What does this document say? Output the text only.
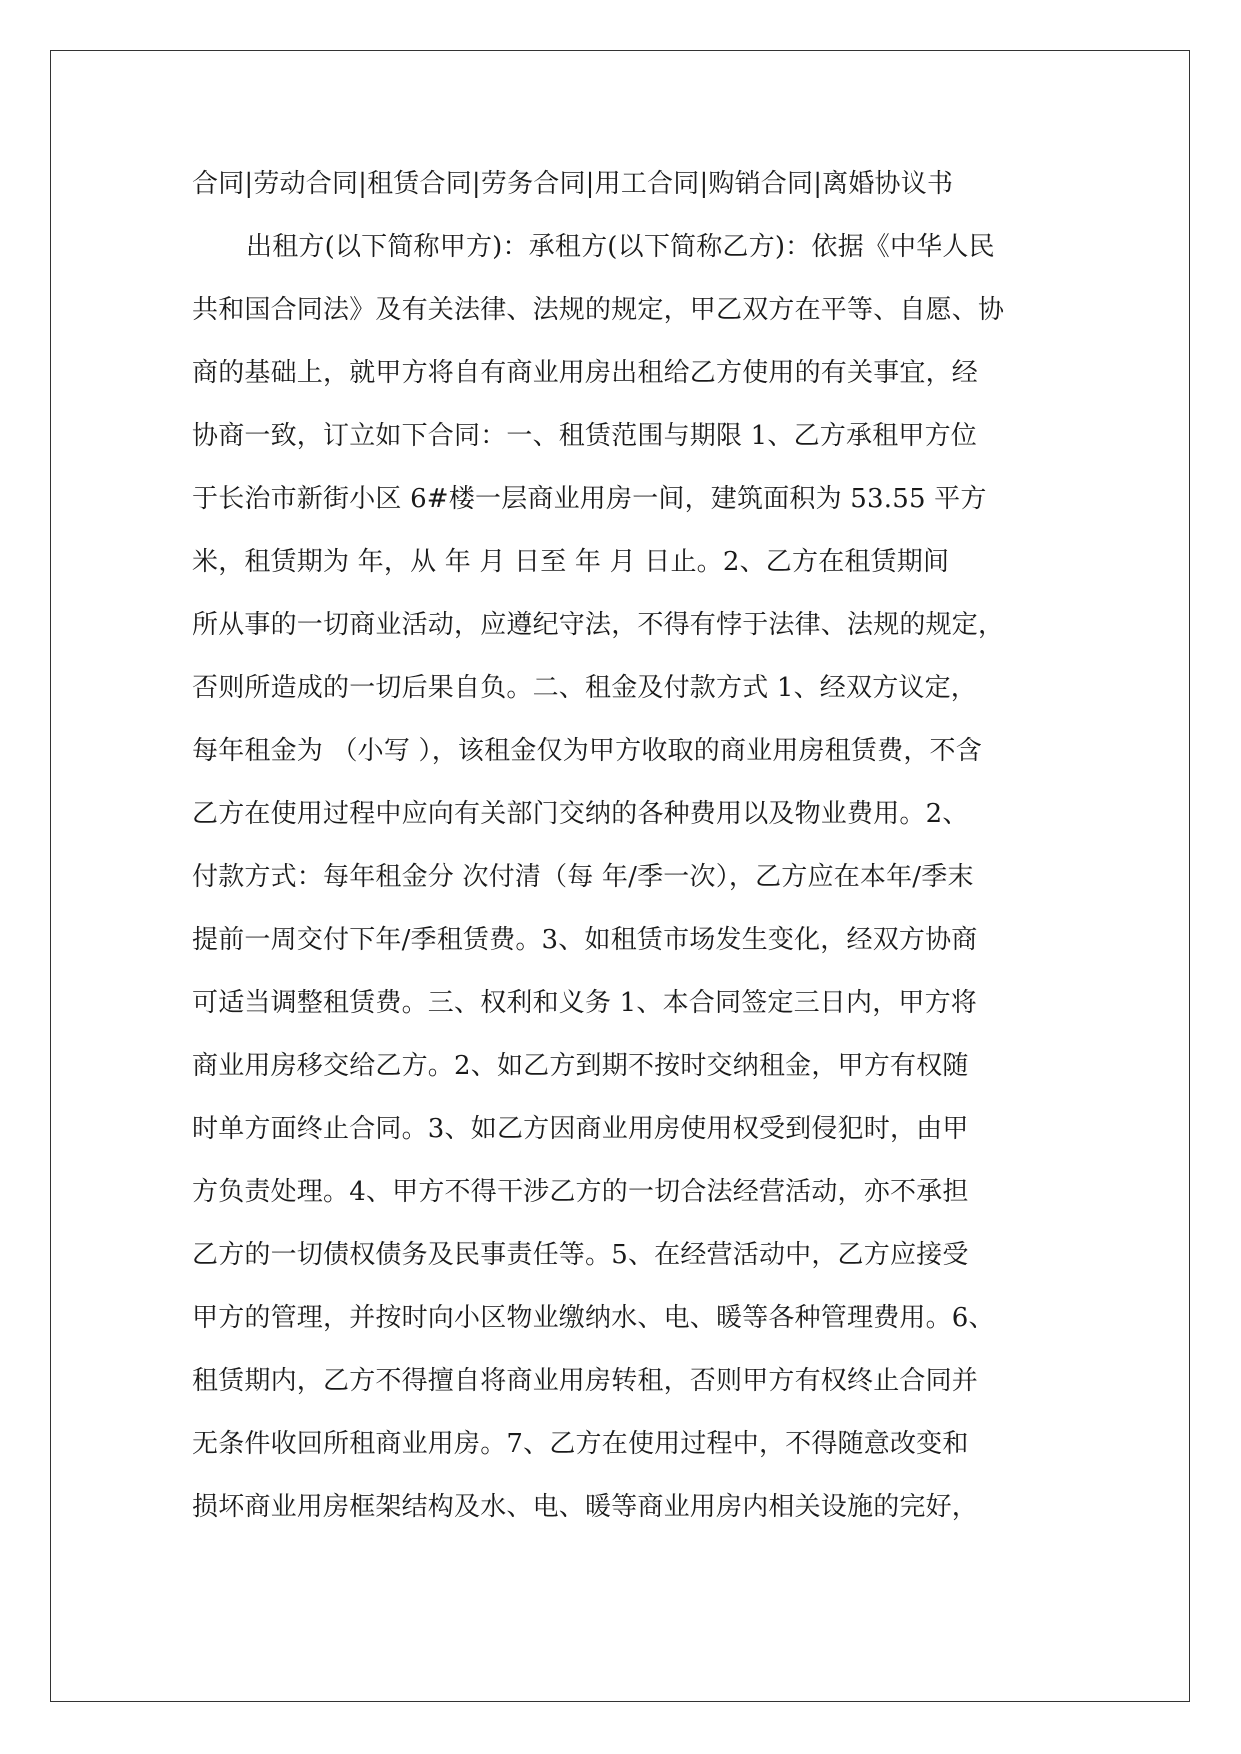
合同|劳动合同|租赁合同|劳务合同|用工合同|购销合同|离婚协议书
出租方(以下简称甲方)：承租方(以下简称乙方)：依据《中华人民
共和国合同法》及有关法律、法规的规定，甲乙双方在平等、自愿、协
商的基础上，就甲方将自有商业用房出租给乙方使用的有关事宜，经
协商一致，订立如下合同：一、租赁范围与期限 1、乙方承租甲方位
于长治市新街小区 6#楼一层商业用房一间，建筑面积为 53.55 平方
米，租赁期为 年，从 年 月 日至 年 月 日止。2、乙方在租赁期间
所从事的一切商业活动，应遵纪守法，不得有悖于法律、法规的规定，
否则所造成的一切后果自负。二、租金及付款方式 1、经双方议定，
每年租金为 （小写 ），该租金仅为甲方收取的商业用房租赁费，不含
乙方在使用过程中应向有关部门交纳的各种费用以及物业费用。2、
付款方式：每年租金分 次付清（每 年/季一次），乙方应在本年/季末
提前一周交付下年/季租赁费。3、如租赁市场发生变化，经双方协商
可适当调整租赁费。三、权利和义务 1、本合同签定三日内，甲方将
商业用房移交给乙方。2、如乙方到期不按时交纳租金，甲方有权随
时单方面终止合同。3、如乙方因商业用房使用权受到侵犯时，由甲
方负责处理。4、甲方不得干涉乙方的一切合法经营活动，亦不承担
乙方的一切债权债务及民事责任等。5、在经营活动中，乙方应接受
甲方的管理，并按时向小区物业缴纳水、电、暖等各种管理费用。6、
租赁期内，乙方不得擅自将商业用房转租，否则甲方有权终止合同并
无条件收回所租商业用房。7、乙方在使用过程中，不得随意改变和
损坏商业用房框架结构及水、电、暖等商业用房内相关设施的完好，
